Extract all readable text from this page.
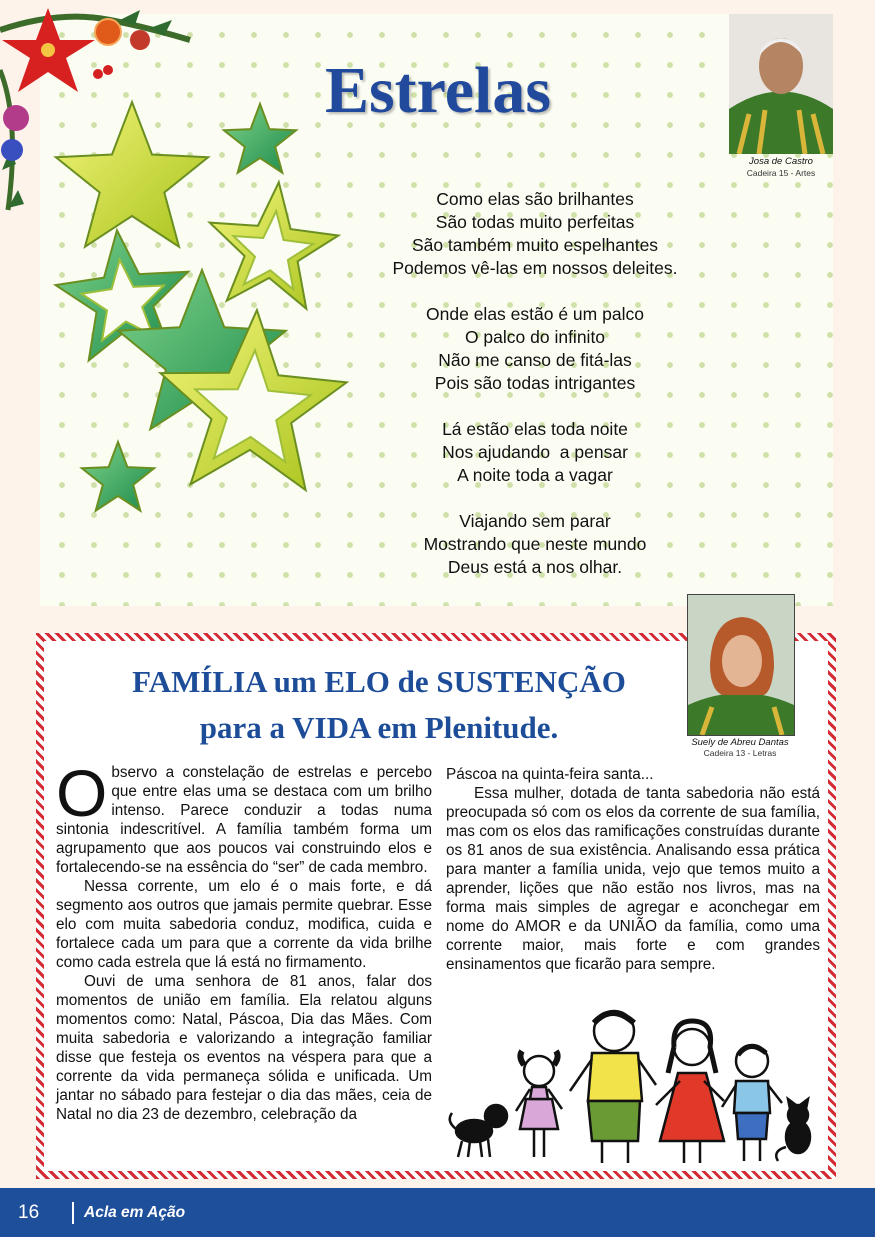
Estrelas
Como elas são brilhantes
São todas muito perfeitas
São também muito espelhantes
Podemos vê-las em nossos deleites.
Onde elas estão é um palco
O palco do infinito
Não me canso de fitá-las
Pois são todas intrigantes
Lá estão elas toda noite
Nos ajudando  a pensar
A noite toda a vagar
Viajando sem parar
Mostrando que neste mundo
Deus está a nos olhar.
Josa de Castro
Cadeira 15 - Artes
FAMÍLIA um ELO de SUSTENÇÃO
para a VIDA em Plenitude.

Observo a constelação de estrelas e percebo que entre elas uma se destaca com um brilho intenso. Parece conduzir a todas numa sintonia indescritível. A família também forma um agrupamento que aos poucos vai construindo elos e fortalecendo-se na essência do “ser” de cada membro.

Nessa corrente, um elo é o mais forte, e dá segmento aos outros que jamais permite quebrar. Esse elo com muita sabedoria conduz, modifica, cuida e fortalece cada um para que a corrente da vida brilhe como cada estrela que lá está no firmamento.

Ouvi de uma senhora de 81 anos, falar dos momentos de união em família. Ela relatou alguns momentos como: Natal, Páscoa, Dia das Mães. Com muita sabedoria e valorizando a integração familiar disse que festeja os eventos na véspera para que a corrente da vida permaneça sólida e unificada. Um jantar no sábado para festejar o dia das mães, ceia de Natal no dia 23 de dezembro, celebração da

Páscoa na quinta-feira santa...

Essa mulher, dotada de tanta sabedoria não está preocupada só com os elos da corrente de sua família, mas com os elos das ramificações construídas durante os 81 anos de sua existência. Analisando essa prática para manter a família unida, vejo que temos muito a aprender, lições que não estão nos livros, mas na forma mais simples de agregar e aconchegar em nome do AMOR e da UNIÃO da família, como uma corrente maior, mais forte e com grandes ensinamentos que ficarão para sempre.

Suely de Abreu Dantas
Cadeira 13 - Letras
16	Acla em Ação
